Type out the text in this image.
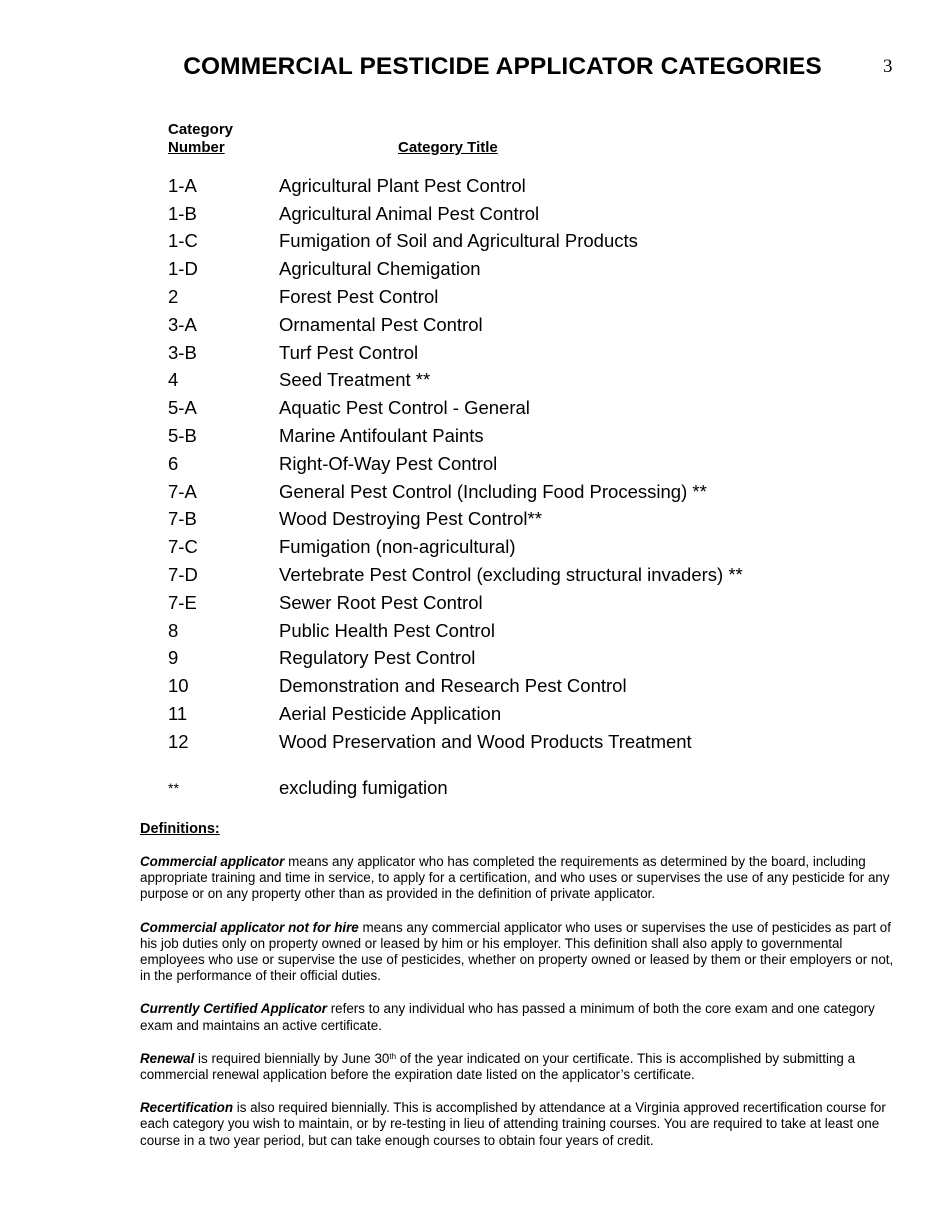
3
COMMERCIAL PESTICIDE APPLICATOR CATEGORIES
Category
Number	Category Title
1-A	Agricultural Plant Pest Control
1-B	Agricultural Animal Pest Control
1-C	Fumigation of Soil and Agricultural Products
1-D	Agricultural Chemigation
2	Forest Pest Control
3-A	Ornamental Pest Control
3-B	Turf Pest Control
4	Seed Treatment **
5-A	Aquatic Pest Control - General
5-B	Marine Antifoulant Paints
6	Right-Of-Way Pest Control
7-A	General Pest Control (Including Food Processing) **
7-B	Wood Destroying Pest Control**
7-C	Fumigation (non-agricultural)
7-D	Vertebrate Pest Control (excluding structural invaders) **
7-E	Sewer Root Pest Control
8	Public Health Pest Control
9	Regulatory Pest Control
10	Demonstration and Research Pest Control
11	Aerial Pesticide Application
12	Wood Preservation and Wood Products Treatment
**	excluding fumigation
Definitions:

Commercial applicator means any applicator who has completed the requirements as determined by the board, including appropriate training and time in service, to apply for a certification, and who uses or supervises the use of any pesticide for any purpose or on any property other than as provided in the definition of private applicator.

Commercial applicator not for hire means any commercial applicator who uses or supervises the use of pesticides as part of his job duties only on property owned or leased by him or his employer. This definition shall also apply to governmental employees who use or supervise the use of pesticides, whether on property owned or leased by them or their employers or not, in the performance of their official duties.

Currently Certified Applicator refers to any individual who has passed a minimum of both the core exam and one category exam and maintains an active certificate.

Renewal is required biennially by June 30th of the year indicated on your certificate. This is accomplished by submitting a commercial renewal application before the expiration date listed on the applicator’s certificate.

Recertification is also required biennially. This is accomplished by attendance at a Virginia approved recertification course for each category you wish to maintain, or by re-testing in lieu of attending training courses. You are required to take at least one course in a two year period, but can take enough courses to obtain four years of credit.
